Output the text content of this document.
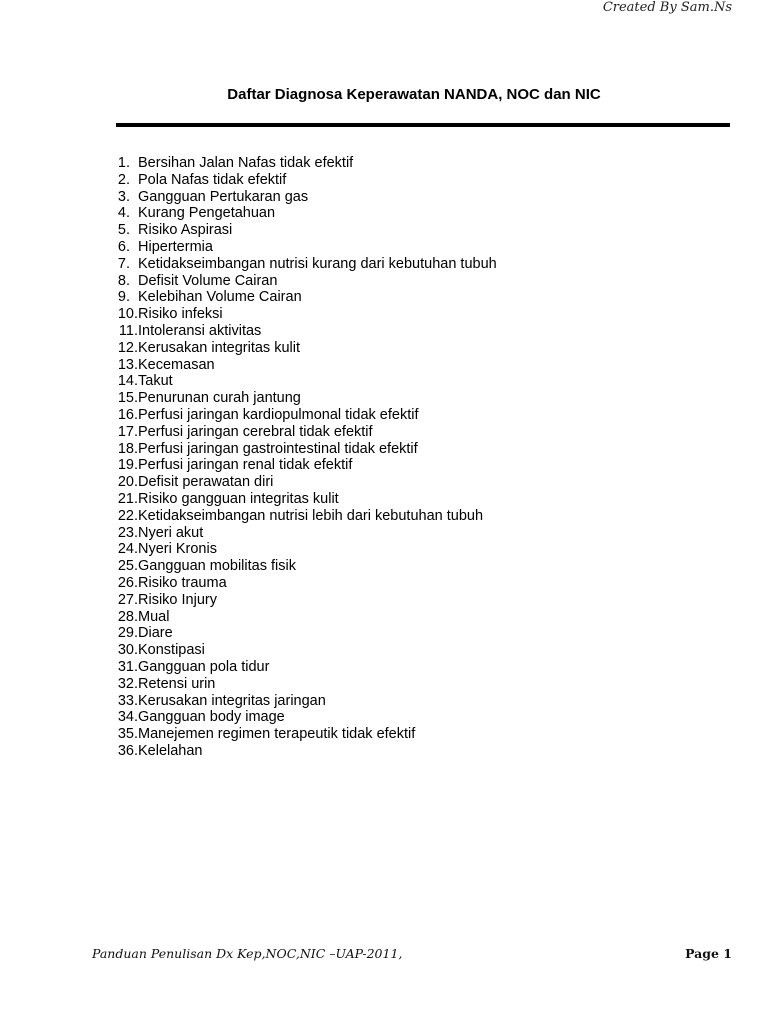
Created By Sam.Ns
Daftar Diagnosa Keperawatan NANDA, NOC dan NIC
1. Bersihan Jalan Nafas tidak efektif
2. Pola Nafas tidak efektif
3. Gangguan Pertukaran gas
4. Kurang Pengetahuan
5. Risiko Aspirasi
6. Hipertermia
7. Ketidakseimbangan nutrisi kurang dari kebutuhan tubuh
8. Defisit Volume Cairan
9. Kelebihan Volume Cairan
10. Risiko infeksi
11. Intoleransi aktivitas
12. Kerusakan integritas kulit
13. Kecemasan
14. Takut
15. Penurunan curah jantung
16. Perfusi jaringan kardiopulmonal tidak efektif
17. Perfusi jaringan cerebral tidak efektif
18. Perfusi jaringan gastrointestinal tidak efektif
19. Perfusi jaringan renal tidak efektif
20. Defisit perawatan diri
21. Risiko gangguan integritas kulit
22. Ketidakseimbangan nutrisi lebih dari kebutuhan tubuh
23. Nyeri akut
24. Nyeri Kronis
25. Gangguan mobilitas fisik
26. Risiko trauma
27. Risiko Injury
28. Mual
29. Diare
30. Konstipasi
31. Gangguan pola tidur
32. Retensi urin
33. Kerusakan integritas jaringan
34. Gangguan body image
35. Manejemen regimen terapeutik tidak efektif
36. Kelelahan
Panduan Penulisan Dx Kep,NOC,NIC –UAP-2011,	Page 1
